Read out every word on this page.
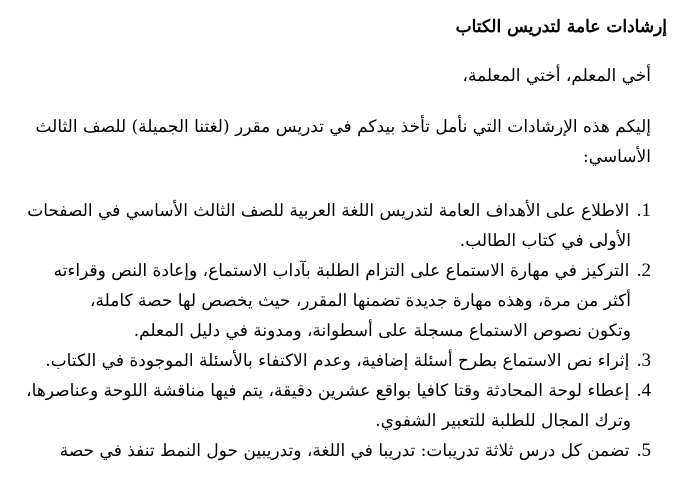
إرشادات عامة لتدريس الكتاب
أخي المعلم، أختي المعلمة،
إليكم هذه الإرشادات التي نأمل تأخذ بيدكم في تدريس مقرر (لغتنا الجميلة) للصف الثالث
الأساسي:
1. الاطلاع على الأهداف العامة لتدريس اللغة العربية للصف الثالث الأساسي في الصفحات
الأولى في كتاب الطالب.
2. التركيز في مهارة الاستماع على التزام الطلبة بآداب الاستماع، وإعادة النص وقراءته
أكثر من مرة، وهذه مهارة جديدة تضمنها المقرر، حيث يخصص لها حصة كاملة،
وتكون نصوص الاستماع مسجلة على أسطوانة، ومدونة في دليل المعلم.
3. إثراء نص الاستماع بطرح أسئلة إضافية، وعدم الاكتفاء بالأسئلة الموجودة في الكتاب.
4. إعطاء لوحة المحادثة وقتا كافيا بواقع عشرين دقيقة، يتم فيها مناقشة اللوحة وعناصرها،
وترك المجال للطلبة للتعبير الشفوي.
5. تضمن كل درس ثلاثة تدريبات: تدريبا في اللغة، وتدريبين حول النمط تنفذ في حصة
